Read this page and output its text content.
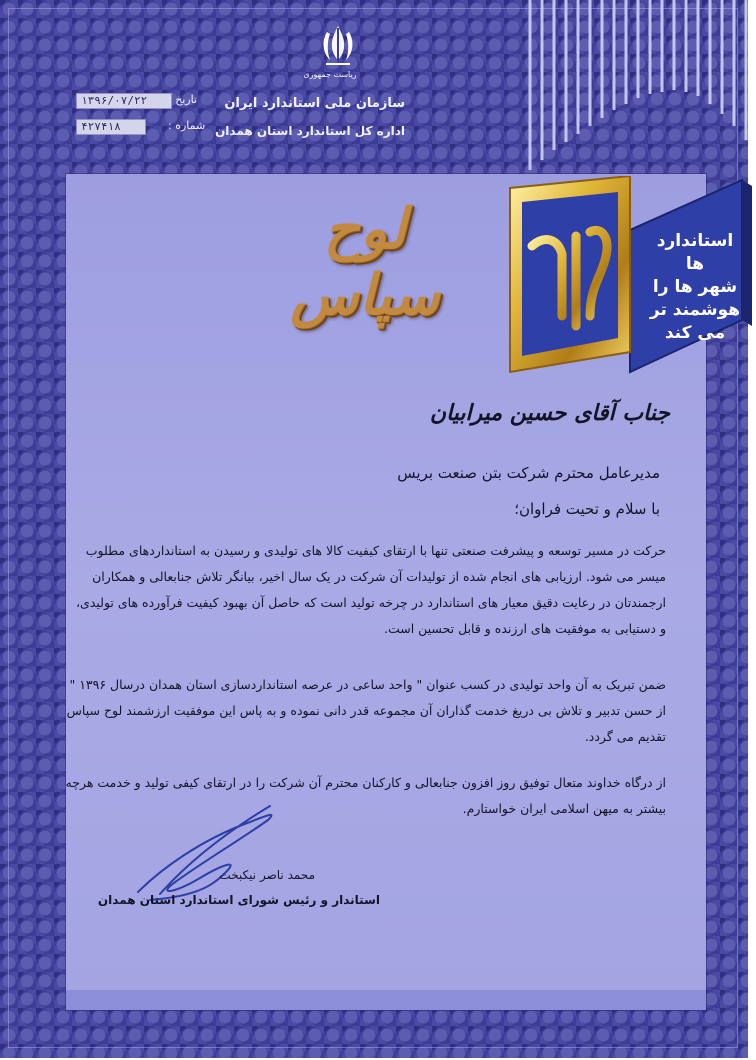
ریاست جمهوری
سازمان ملی استاندارد ایران
اداره کل استاندارد استان همدان
۱۳۹۶/۰۷/۲۲	تاریخ :
۴۲۷۴۱۸	شماره :
لوح سپاس
استاندارد ها
شهر ها را
هوشمند تر
می کند
جناب آقای حسین میرابیان
مدیرعامل محترم شرکت بتن صنعت بریس
با سلام و تحیت فراوان؛

حرکت در مسیر توسعه و پیشرفت صنعتی تنها با ارتقای کیفیت کالا های تولیدی و رسیدن به استانداردهای مطلوب

میسر می شود. ارزیابی های انجام شده از تولیدات آن شرکت در یک سال اخیر، بیانگر تلاش جنابعالی و همکاران

ارجمندتان در رعایت دقیق معیار های استاندارد در چرخه تولید است که حاصل آن بهبود کیفیت فرآورده های تولیدی،

و دستیابی به موفقیت های ارزنده و قابل تحسین است.

ضمن تبریک به آن واحد تولیدی در کسب عنوان " واحد ساعی در عرصه استانداردسازی استان همدان درسال ۱۳۹۶ "

از حسن تدبیر و تلاش بی دریغ خدمت گذاران آن مجموعه قدر دانی نموده و به پاس این موفقیت ارزشمند لوح سپاس

تقدیم می گردد.

از درگاه خداوند متعال توفیق روز افزون جنابعالی و کارکنان محترم آن شرکت را در ارتقای کیفی تولید و خدمت هرچه

بیشتر به میهن اسلامی ایران خواستارم.

محمد ناصر نیکبخت
استاندار و رئیس شورای استاندارد استان همدان
